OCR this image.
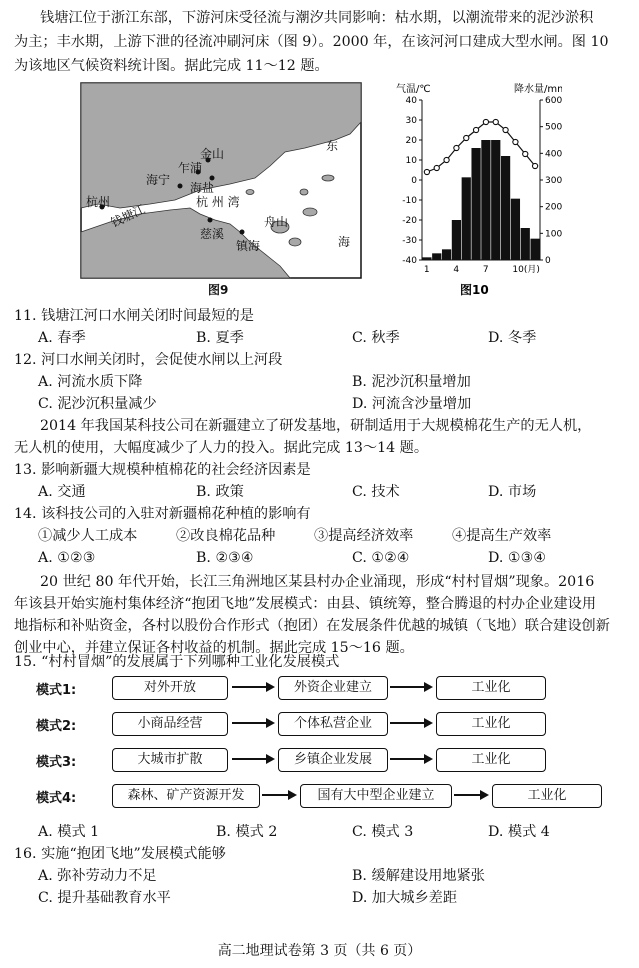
钱塘江位于浙江东部，下游河床受径流与潮汐共同影响：枯水期，以潮流带来的泥沙淤积
为主；丰水期，上游下泄的径流冲刷河床（图 9）。2000 年，在该河河口建成大型水闸。图 10
为该地区气候资料统计图。据此完成 11～12 题。
杭州
钱塘江
海宁
乍浦
金山
海盐
杭 州 湾
慈溪
镇海
舟山
东
海
图9
气温/℃	降水量/mm
40
30
20
10
0
-10
-20
-30
-40
600
500
400
300
200
100
0
1	4	7	10(月)
图10
11. 钱塘江河口水闸关闭时间最短的是
A. 春季	B. 夏季	C. 秋季	D. 冬季
12. 河口水闸关闭时，会促使水闸以上河段
A. 河流水质下降	B. 泥沙沉积量增加
C. 泥沙沉积量减少	D. 河流含沙量增加
2014 年我国某科技公司在新疆建立了研发基地，研制适用于大规模棉花生产的无人机，
无人机的使用，大幅度减少了人力的投入。据此完成 13～14 题。
13. 影响新疆大规模种植棉花的社会经济因素是
A. 交通	B. 政策	C. 技术	D. 市场
14. 该科技公司的入驻对新疆棉花种植的影响有
①减少人工成本	②改良棉花品种	③提高经济效率	④提高生产效率
A. ①②③	B. ②③④	C. ①②④	D. ①③④
20 世纪 80 年代开始，长江三角洲地区某县村办企业涌现，形成“村村冒烟”现象。2016
年该县开始实施村集体经济“抱团飞地”发展模式：由县、镇统筹，整合腾退的村办企业建设用
地指标和补贴资金，各村以股份合作形式（抱团）在发展条件优越的城镇（飞地）联合建设创新
创业中心，并建立保证各村收益的机制。据此完成 15～16 题。
15. “村村冒烟”的发展属于下列哪种工业化发展模式
模式1:	对外开放	外资企业建立	工业化
模式2:	小商品经营	个体私营企业	工业化
模式3:	大城市扩散	乡镇企业发展	工业化
模式4:	森林、矿产资源开发	国有大中型企业建立	工业化
A. 模式 1	B. 模式 2	C. 模式 3	D. 模式 4
16. 实施“抱团飞地”发展模式能够
A. 弥补劳动力不足	B. 缓解建设用地紧张
C. 提升基础教育水平	D. 加大城乡差距
高二地理试卷第 3 页（共 6 页）
